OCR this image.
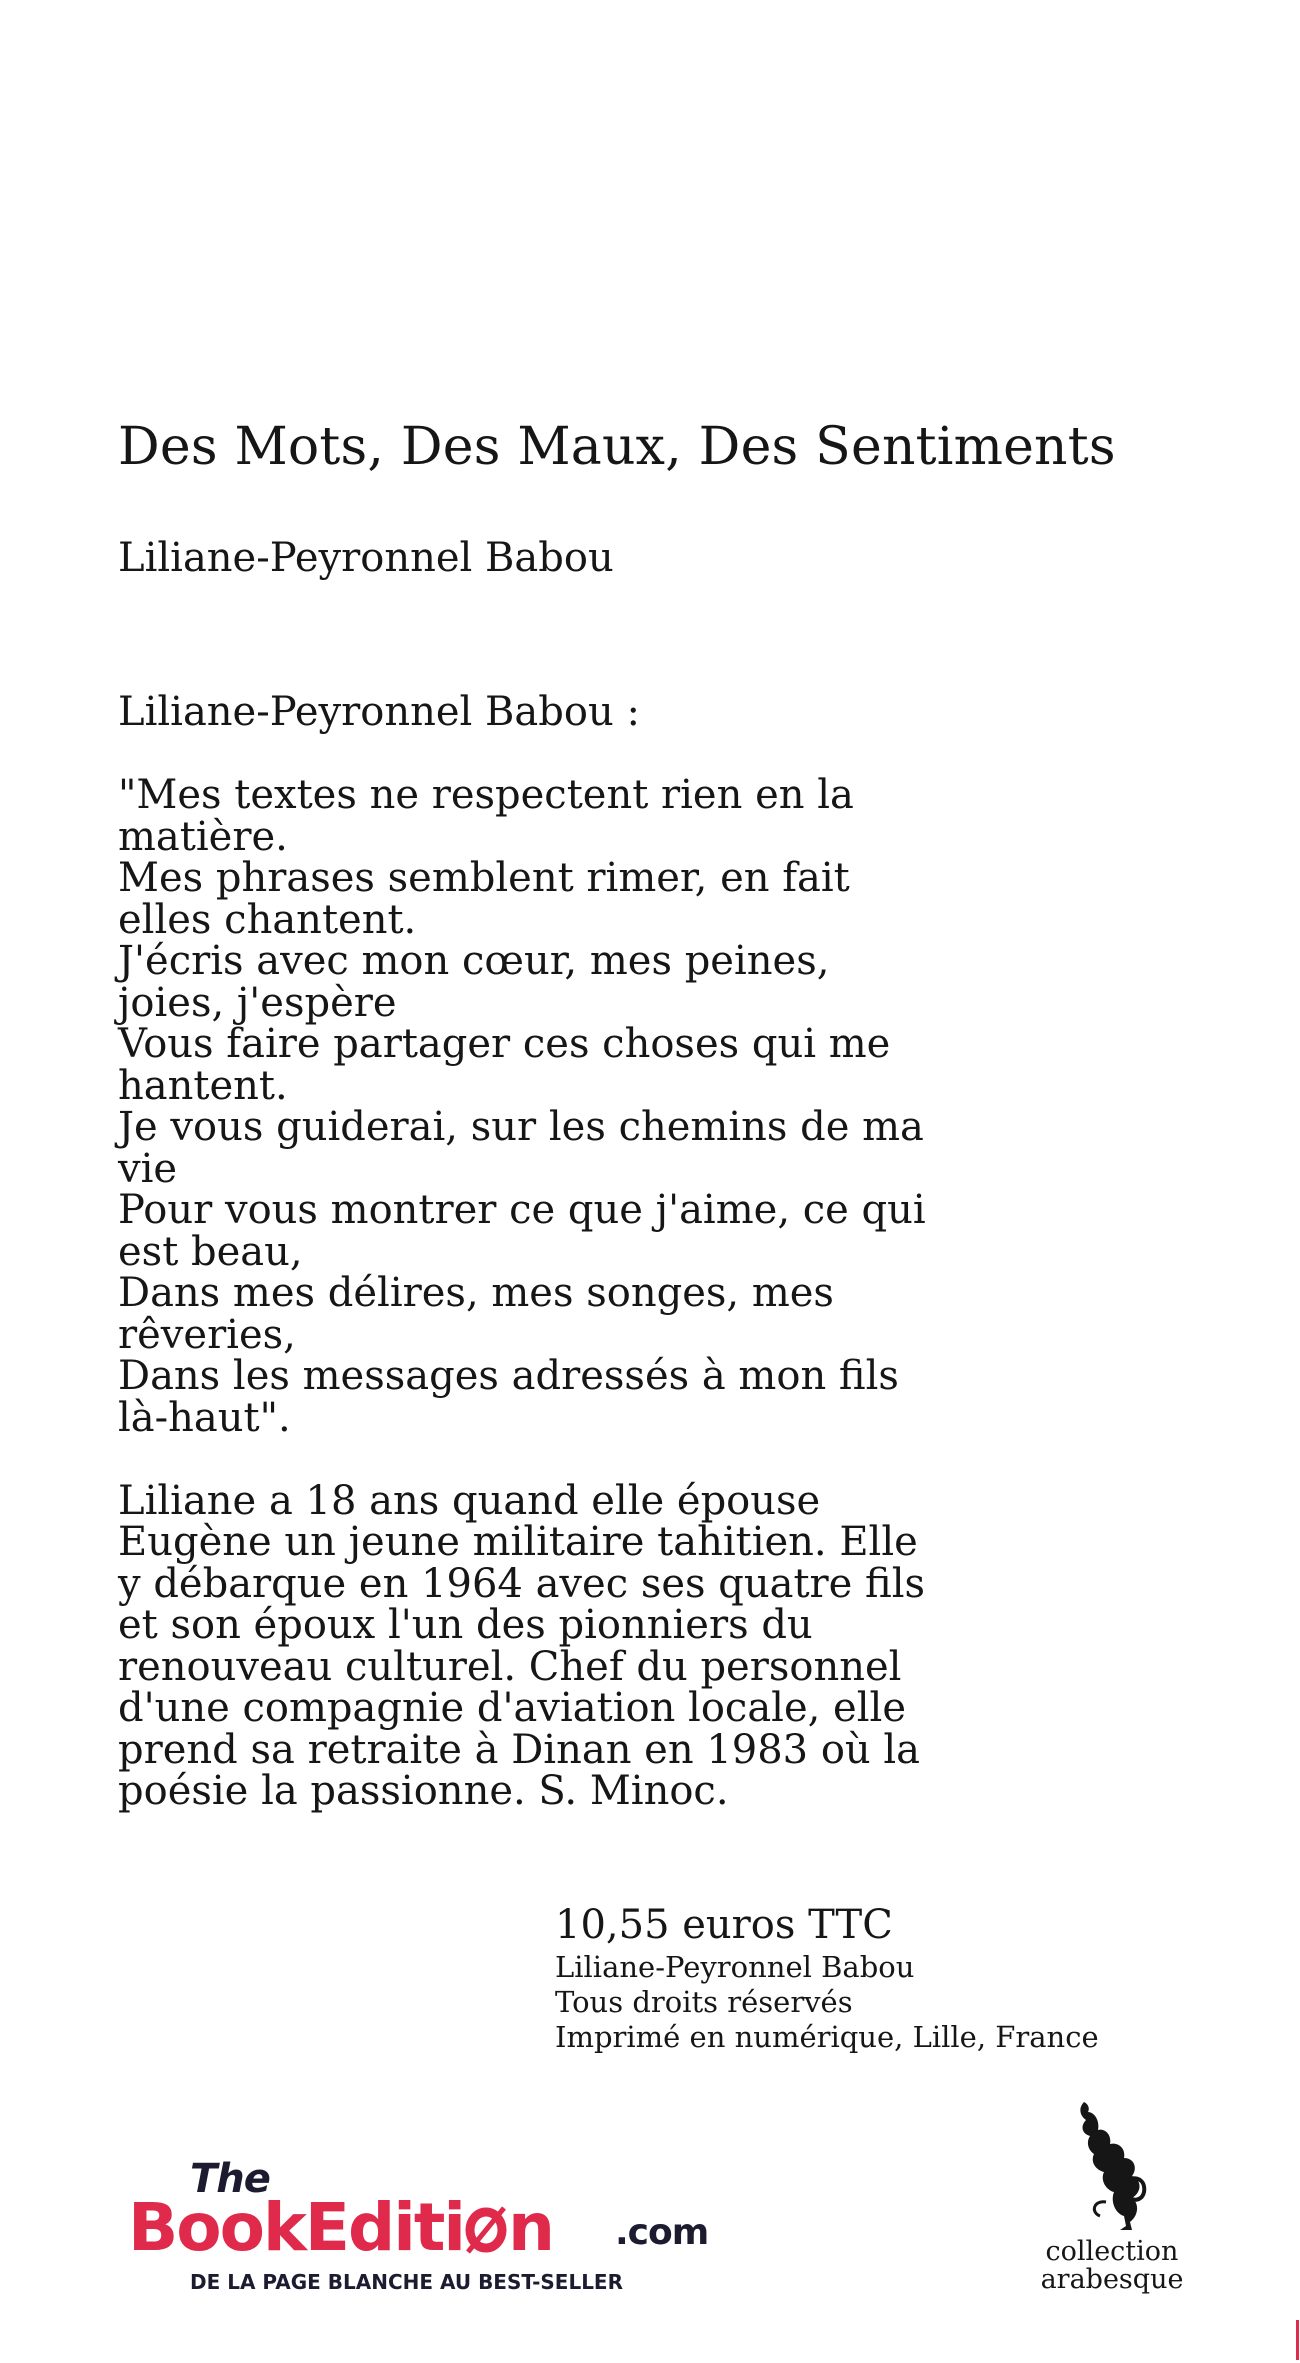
Des Mots, Des Maux, Des Sentiments
Liliane-Peyronnel Babou

Liliane-Peyronnel Babou :

"Mes textes ne respectent rien en la
matière.
Mes phrases semblent rimer, en fait
elles chantent.
J'écris avec mon cœur, mes peines,
joies, j'espère
Vous faire partager ces choses qui me
hantent.
Je vous guiderai, sur les chemins de ma
vie
Pour vous montrer ce que j'aime, ce qui
est beau,
Dans mes délires, mes songes, mes
rêveries,
Dans les messages adressés à mon fils
là-haut".

Liliane a 18 ans quand elle épouse
Eugène un jeune militaire tahitien. Elle
y débarque en 1964 avec ses quatre fils
et son époux l'un des pionniers du
renouveau culturel. Chef du personnel
d'une compagnie d'aviation locale, elle
prend sa retraite à Dinan en 1983 où la
poésie la passionne. S. Minoc.

10,55 euros TTC
Liliane-Peyronnel Babou
Tous droits réservés
Imprimé en numérique, Lille, France
The
BookEditi n .com
DE LA PAGE BLANCHE AU BEST-SELLER
collection
arabesque
